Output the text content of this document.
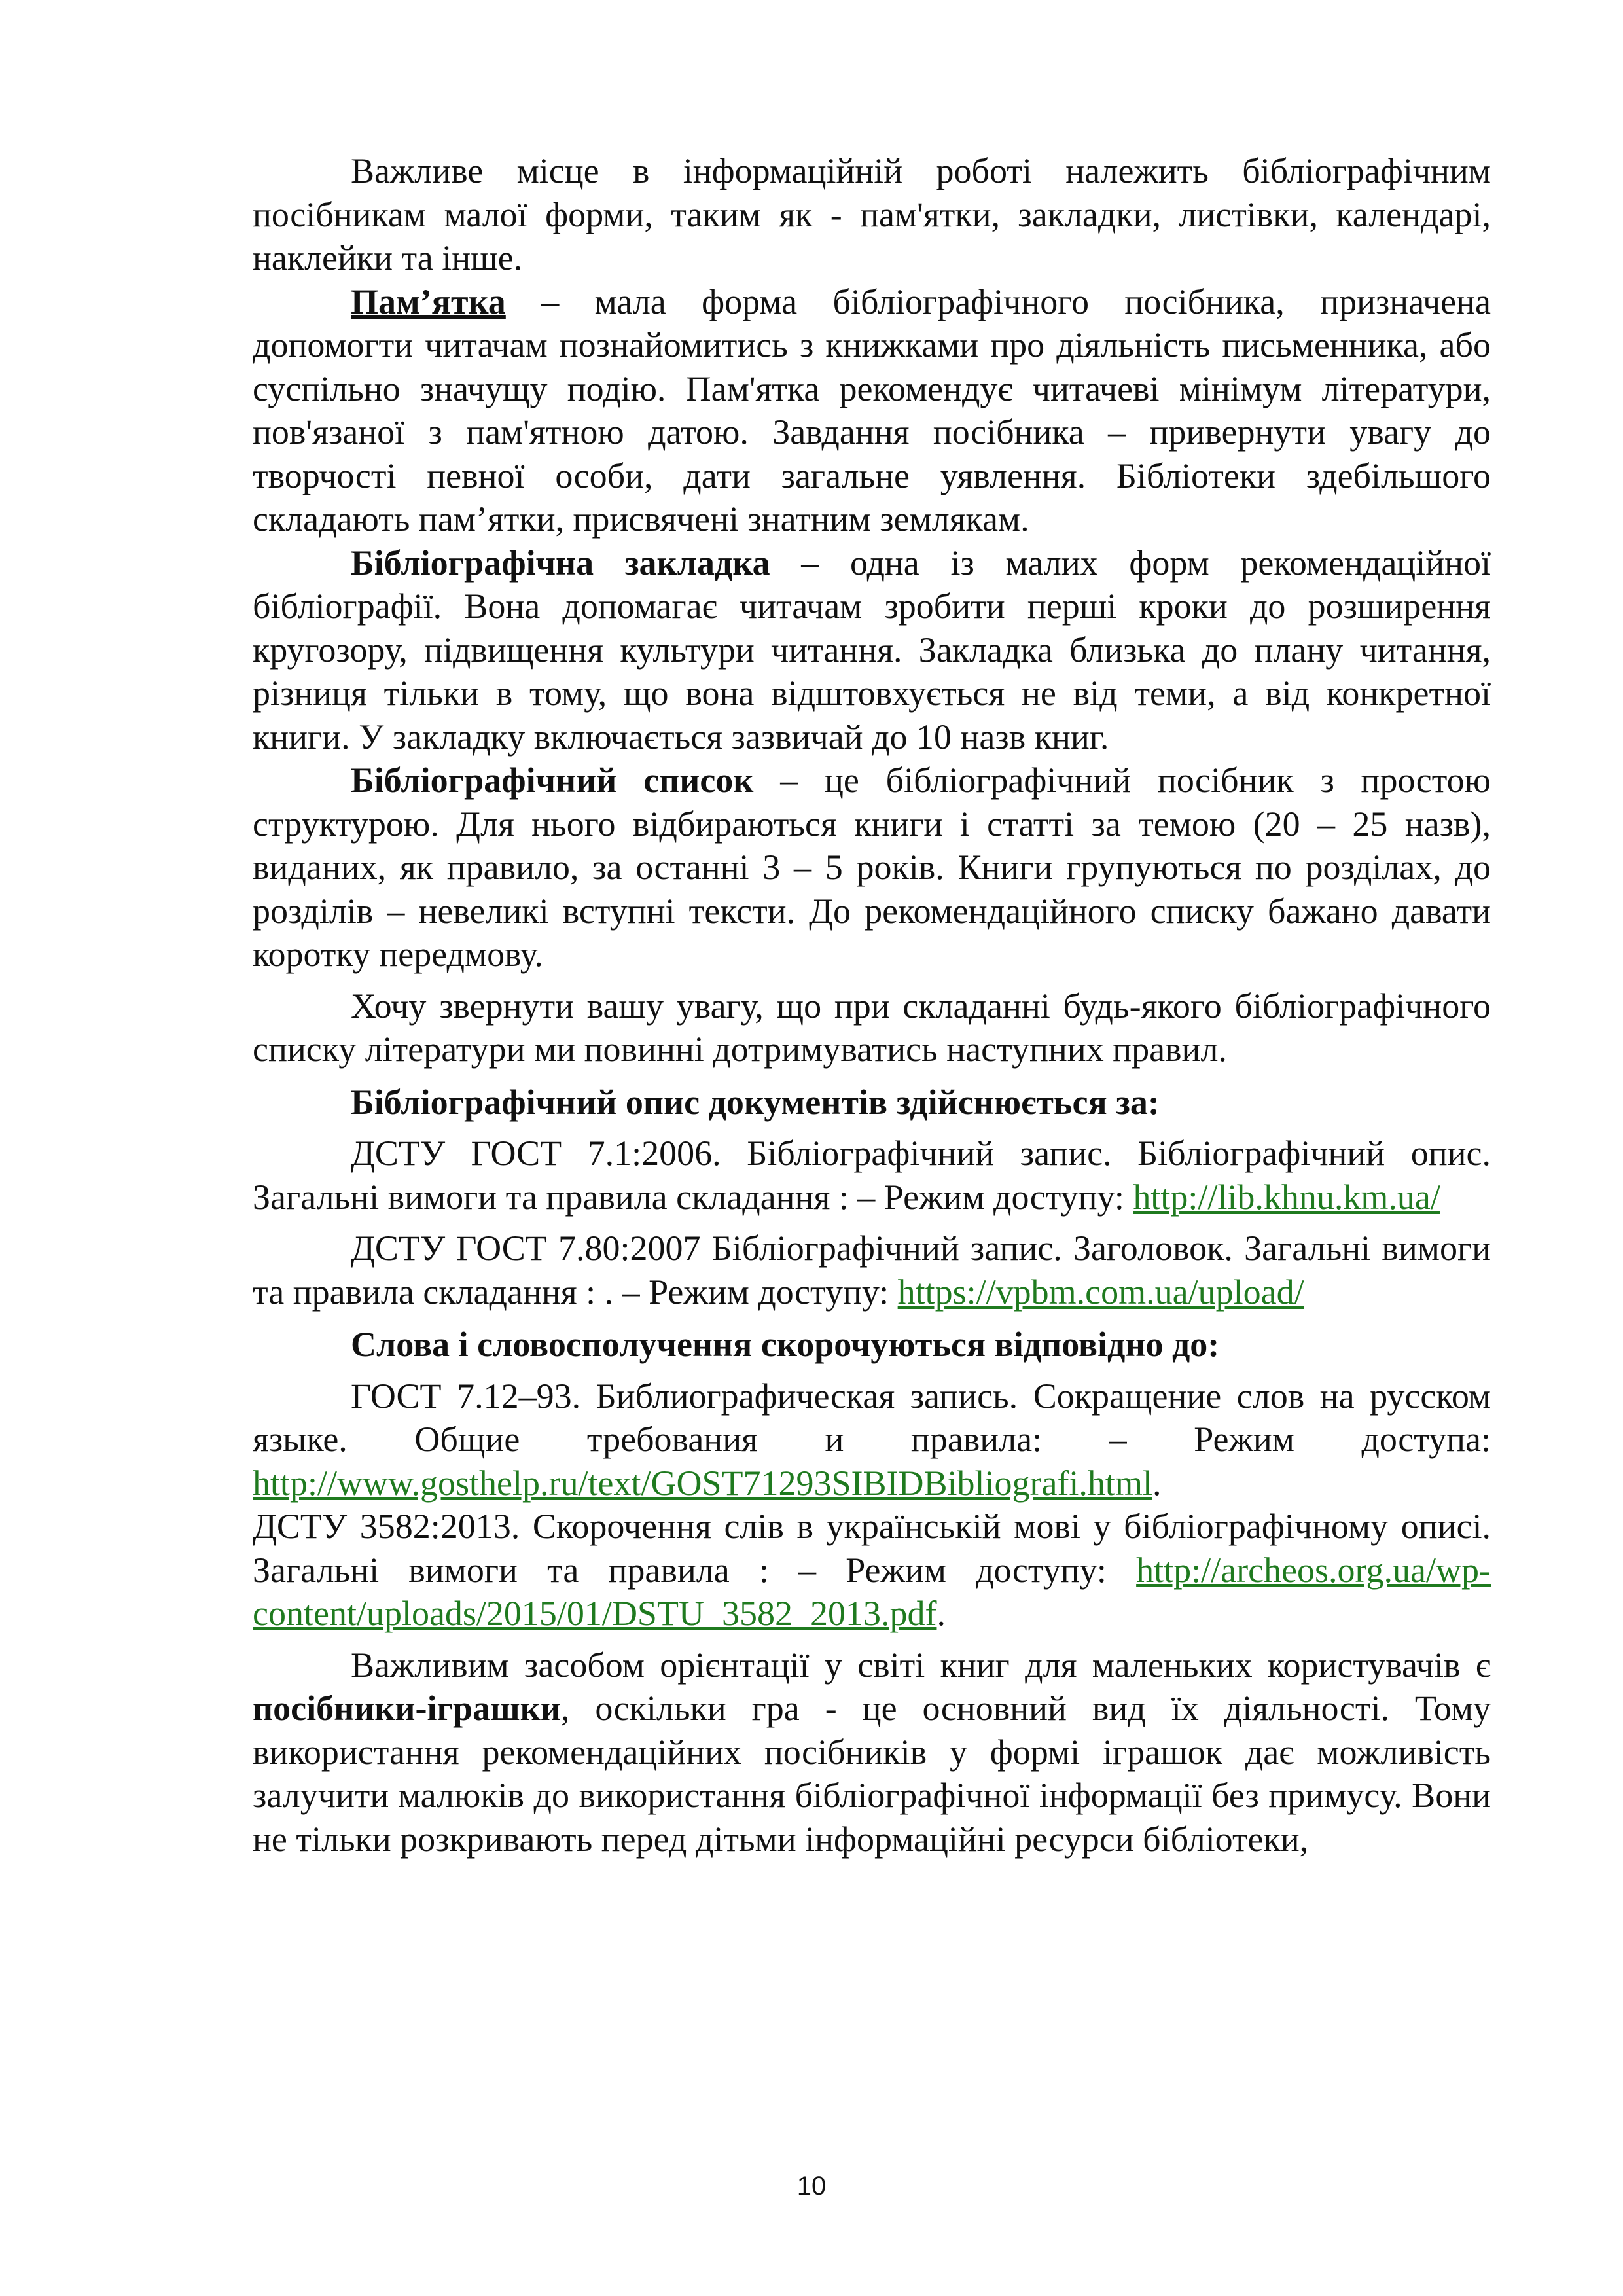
Важливе місце в інформаційній роботі належить бібліографічним посібникам малої форми, таким як - пам'ятки, закладки, листівки, календарі, наклейки та інше.

Пам’ятка – мала форма бібліографічного посібника, призначена допомогти читачам познайомитись з книжками про діяльність письменника, або суспільно значущу подію. Пам'ятка рекомендує читачеві мінімум літератури, пов'язаної з пам'ятною датою. Завдання посібника – привернути увагу до творчості певної особи, дати загальне уявлення. Бібліотеки здебільшого складають пам’ятки, присвячені знатним землякам.

Бібліографічна закладка – одна із малих форм рекомендаційної бібліографії. Вона допомагає читачам зробити перші кроки до розширення кругозору, підвищення культури читання. Закладка близька до плану читання, різниця тільки в тому, що вона відштовхується не від теми, а від конкретної книги. У закладку включається зазвичай до 10 назв книг.

Бібліографічний список – це бібліографічний посібник з простою структурою. Для нього відбираються книги і статті за темою (20 – 25 назв), виданих, як правило, за останні 3 – 5 років. Книги групуються по розділах, до розділів – невеликі вступні тексти. До рекомендаційного списку бажано давати коротку передмову.

Хочу звернути вашу увагу, що при складанні будь-якого бібліографічного списку літератури ми повинні дотримуватись наступних правил.

Бібліографічний опис документів здійснюється за:

ДСТУ ГОСТ 7.1:2006. Бібліографічний запис. Бібліографічний опис. Загальні вимоги та правила складання : – Режим доступу: http://lib.khnu.km.ua/

ДСТУ ГОСТ 7.80:2007 Бібліографічний запис. Заголовок. Загальні вимоги та правила складання : . – Режим доступу: https://vpbm.com.ua/upload/

Слова і словосполучення скорочуються відповідно до:

ГОСТ 7.12–93. Библиографическая запись. Сокращение слов на русском языке. Общие требования и правила: – Режим доступа: http://www.gosthelp.ru/text/GOST71293SIBIDBibliografi.html.

ДСТУ 3582:2013. Скорочення слів в українській мові у бібліографічному описі. Загальні вимоги та правила : – Режим доступу: http://archeos.org.ua/wp-content/uploads/2015/01/DSTU_3582_2013.pdf.

Важливим засобом орієнтації у світі книг для маленьких користувачів є посібники-іграшки, оскільки гра - це основний вид їх діяльності. Тому використання рекомендаційних посібників у формі іграшок дає можливість залучити малюків до використання бібліографічної інформації без примусу. Вони не тільки розкривають перед дітьми інформаційні ресурси бібліотеки,

10
